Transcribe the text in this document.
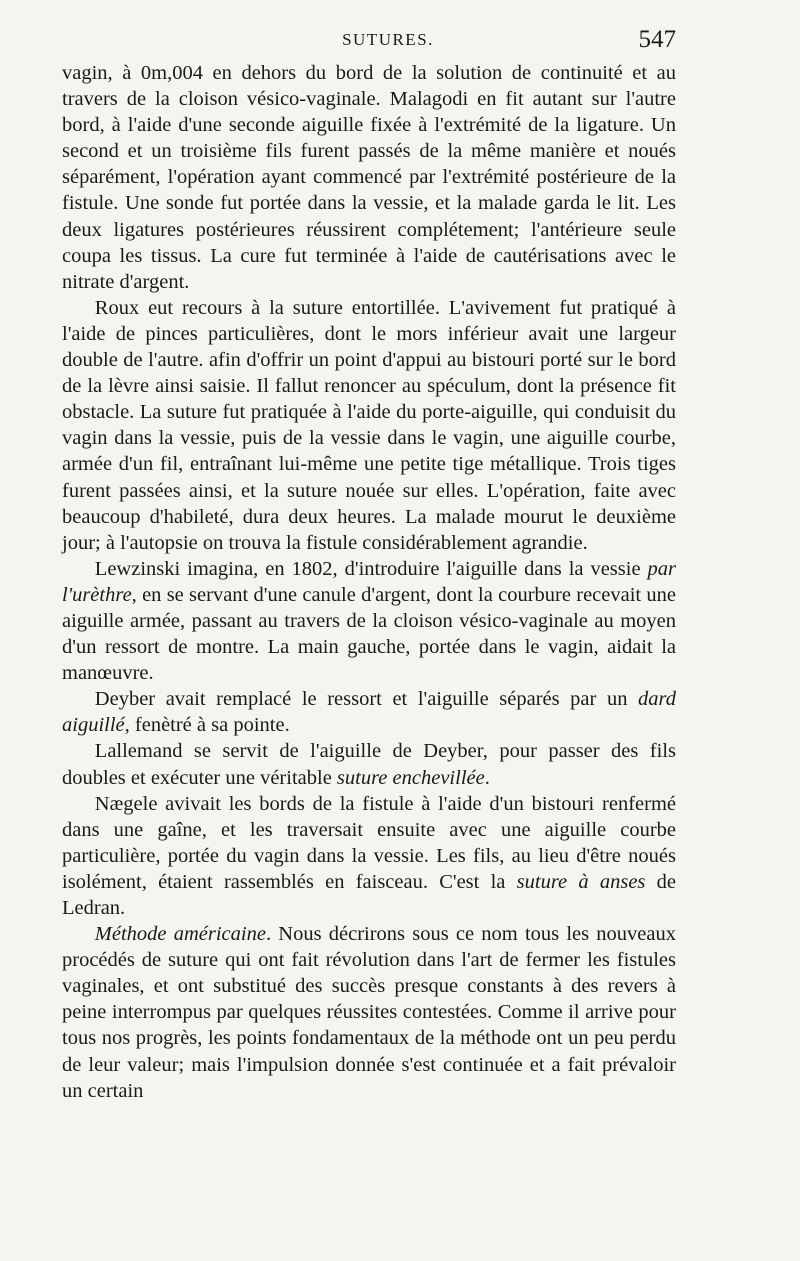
SUTURES.	547

vagin, à 0m,004 en dehors du bord de la solution de continuité et au travers de la cloison vésico-vaginale. Malagodi en fit autant sur l'autre bord, à l'aide d'une seconde aiguille fixée à l'extrémité de la ligature. Un second et un troisième fils furent passés de la même manière et noués séparément, l'opération ayant commencé par l'extrémité postérieure de la fistule. Une sonde fut portée dans la vessie, et la malade garda le lit. Les deux ligatures postérieures réussirent complétement; l'antérieure seule coupa les tissus. La cure fut terminée à l'aide de cautérisations avec le nitrate d'argent.

Roux eut recours à la suture entortillée. L'avivement fut pratiqué à l'aide de pinces particulières, dont le mors inférieur avait une largeur double de l'autre. afin d'offrir un point d'appui au bistouri porté sur le bord de la lèvre ainsi saisie. Il fallut renoncer au spéculum, dont la présence fit obstacle. La suture fut pratiquée à l'aide du porte-aiguille, qui conduisit du vagin dans la vessie, puis de la vessie dans le vagin, une aiguille courbe, armée d'un fil, entraînant lui-même une petite tige métallique. Trois tiges furent passées ainsi, et la suture nouée sur elles. L'opération, faite avec beaucoup d'habileté, dura deux heures. La malade mourut le deuxième jour; à l'autopsie on trouva la fistule considérablement agrandie.

Lewzinski imagina, en 1802, d'introduire l'aiguille dans la vessie par l'urèthre, en se servant d'une canule d'argent, dont la courbure recevait une aiguille armée, passant au travers de la cloison vésico-vaginale au moyen d'un ressort de montre. La main gauche, portée dans le vagin, aidait la manœuvre.

Deyber avait remplacé le ressort et l'aiguille séparés par un dard aiguillé, fenètré à sa pointe.

Lallemand se servit de l'aiguille de Deyber, pour passer des fils doubles et exécuter une véritable suture enchevillée.

Nægele avivait les bords de la fistule à l'aide d'un bistouri renfermé dans une gaîne, et les traversait ensuite avec une aiguille courbe particulière, portée du vagin dans la vessie. Les fils, au lieu d'être noués isolément, étaient rassemblés en faisceau. C'est la suture à anses de Ledran.

Méthode américaine. Nous décrirons sous ce nom tous les nouveaux procédés de suture qui ont fait révolution dans l'art de fermer les fistules vaginales, et ont substitué des succès presque constants à des revers à peine interrompus par quelques réussites contestées. Comme il arrive pour tous nos progrès, les points fondamentaux de la méthode ont un peu perdu de leur valeur; mais l'impulsion donnée s'est continuée et a fait prévaloir un certain
